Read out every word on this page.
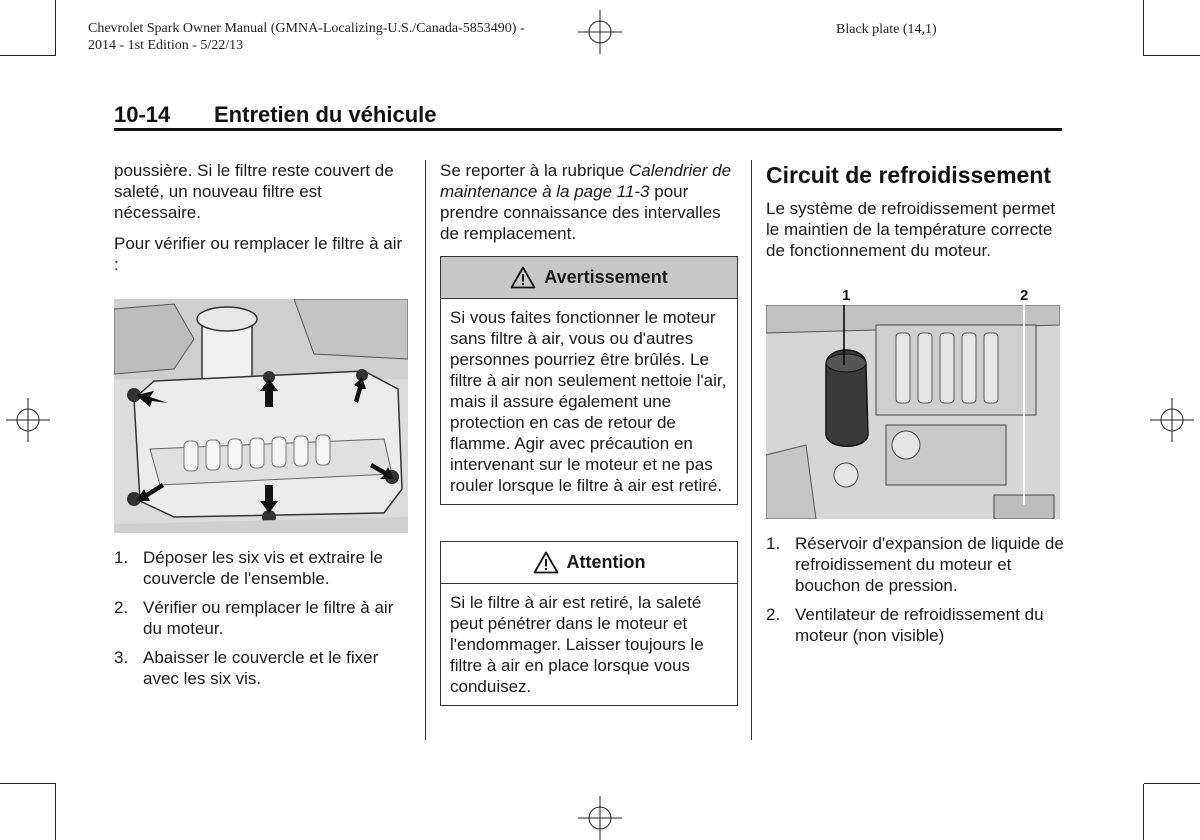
Chevrolet Spark Owner Manual (GMNA-Localizing-U.S./Canada-5853490) -
2014 - 1st Edition - 5/22/13
Black plate (14,1)
10-14 Entretien du véhicule

poussière. Si le filtre reste couvert de saleté, un nouveau filtre est nécessaire.

Pour vérifier ou remplacer le filtre à air :

1. Déposer les six vis et extraire le couvercle de l'ensemble.
2. Vérifier ou remplacer le filtre à air du moteur.
3. Abaisser le couvercle et le fixer avec les six vis.

Se reporter à la rubrique Calendrier de maintenance à la page 11-3 pour prendre connaissance des intervalles de remplacement.

Avertissement
Si vous faites fonctionner le moteur sans filtre à air, vous ou d'autres personnes pourriez être brûlés. Le filtre à air non seulement nettoie l'air, mais il assure également une protection en cas de retour de flamme. Agir avec précaution en intervenant sur le moteur et ne pas rouler lorsque le filtre à air est retiré.
Attention
Si le filtre à air est retiré, la saleté peut pénétrer dans le moteur et l'endommager. Laisser toujours le filtre à air en place lorsque vous conduisez.
Circuit de refroidissement

Le système de refroidissement permet le maintien de la température correcte de fonctionnement du moteur.

1	2
1. Réservoir d'expansion de liquide de refroidissement du moteur et bouchon de pression.
2. Ventilateur de refroidissement du moteur (non visible)
